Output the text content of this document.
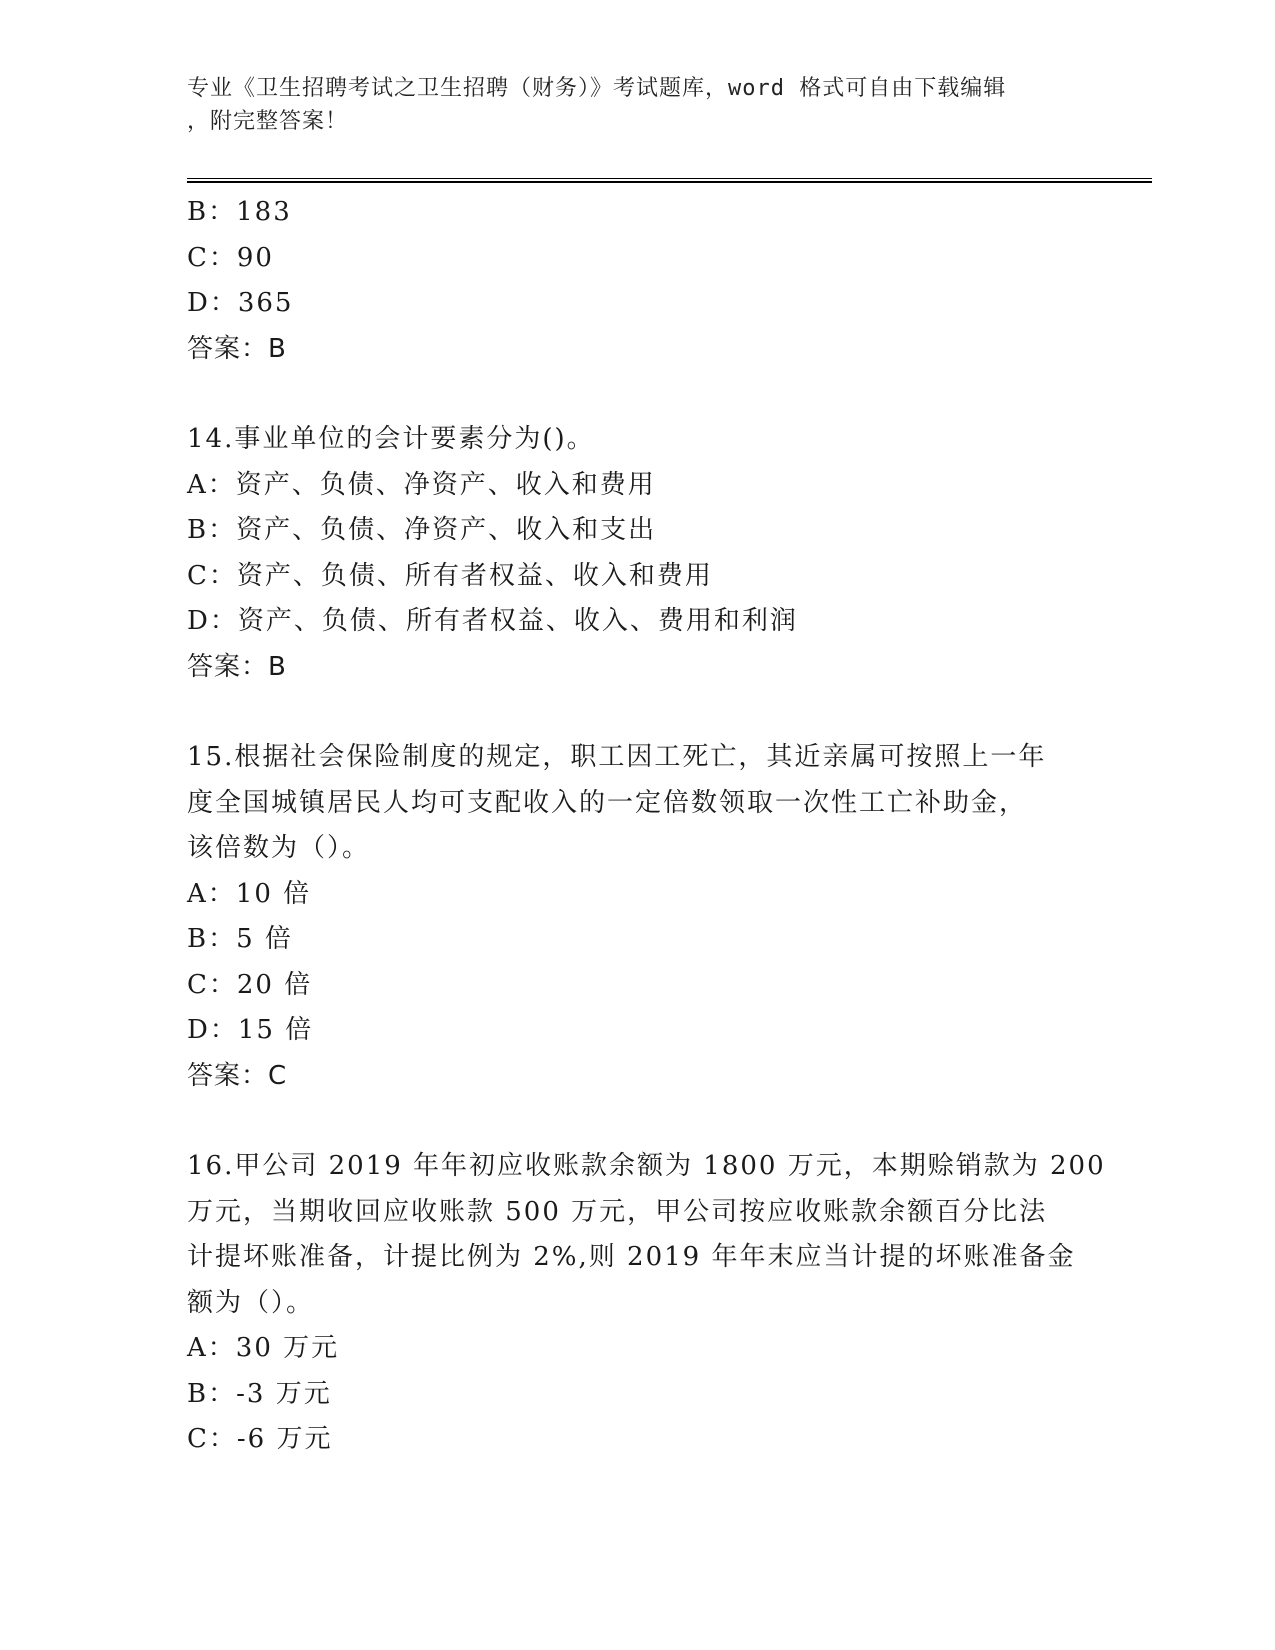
专业《卫生招聘考试之卫生招聘（财务）》考试题库，word 格式可自由下载编辑
，附完整答案！
B：183
C：90
D：365
答案：B
14.事业单位的会计要素分为()。
A：资产、负债、净资产、收入和费用
B：资产、负债、净资产、收入和支出
C：资产、负债、所有者权益、收入和费用
D：资产、负债、所有者权益、收入、费用和利润
答案：B
15.根据社会保险制度的规定，职工因工死亡，其近亲属可按照上一年
度全国城镇居民人均可支配收入的一定倍数领取一次性工亡补助金，
该倍数为（）。
A：10 倍
B：5 倍
C：20 倍
D：15 倍
答案：C
16.甲公司 2019 年年初应收账款余额为 1800 万元，本期赊销款为 200
万元，当期收回应收账款 500 万元，甲公司按应收账款余额百分比法
计提坏账准备，计提比例为 2%,则 2019 年年末应当计提的坏账准备金
额为（）。
A：30 万元
B：-3 万元
C：-6 万元
